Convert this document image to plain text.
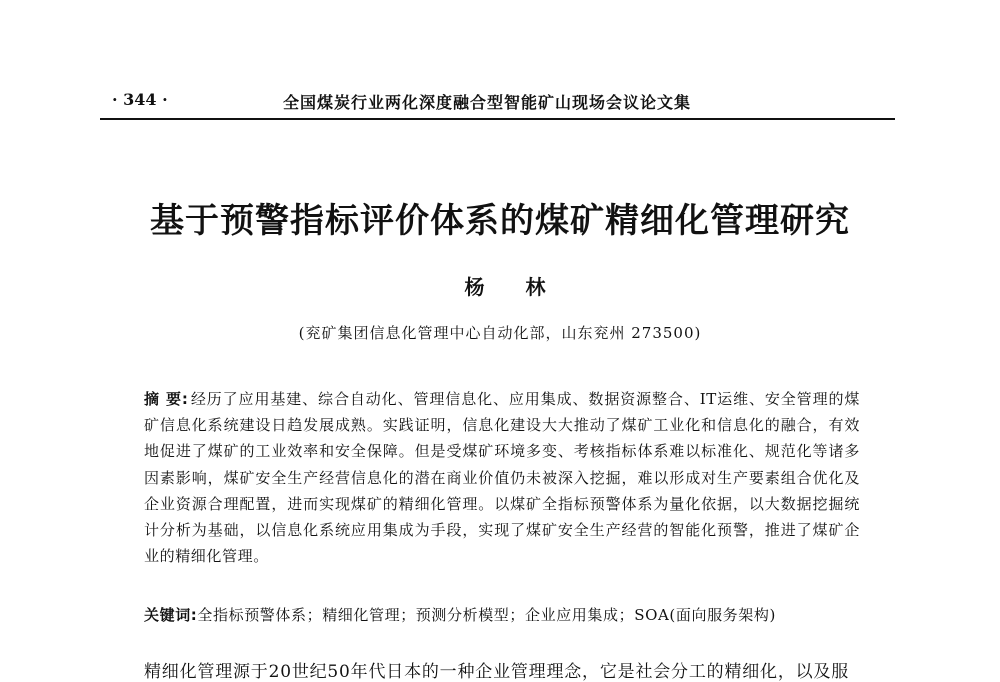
· 344 ·	全国煤炭行业两化深度融合型智能矿山现场会议论文集
基于预警指标评价体系的煤矿精细化管理研究
杨 林
(兖矿集团信息化管理中心自动化部，山东兖州 273500)
摘 要: 经历了应用基建、综合自动化、管理信息化、应用集成、数据资源整合、IT运维、安全管理的煤矿信息化系统建设日趋发展成熟。实践证明，信息化建设大大推动了煤矿工业化和信息化的融合，有效地促进了煤矿的工业效率和安全保障。但是受煤矿环境多变、考核指标体系难以标准化、规范化等诸多因素影响，煤矿安全生产经营信息化的潜在商业价值仍未被深入挖掘，难以形成对生产要素组合优化及企业资源合理配置，进而实现煤矿的精细化管理。以煤矿全指标预警体系为量化依据，以大数据挖掘统计分析为基础，以信息化系统应用集成为手段，实现了煤矿安全生产经营的智能化预警，推进了煤矿企业的精细化管理。
关键词:全指标预警体系；精细化管理；预测分析模型；企业应用集成；SOA(面向服务架构)
精细化管理源于20世纪50年代日本的一种企业管理理念，它是社会分工的精细化，以及服
